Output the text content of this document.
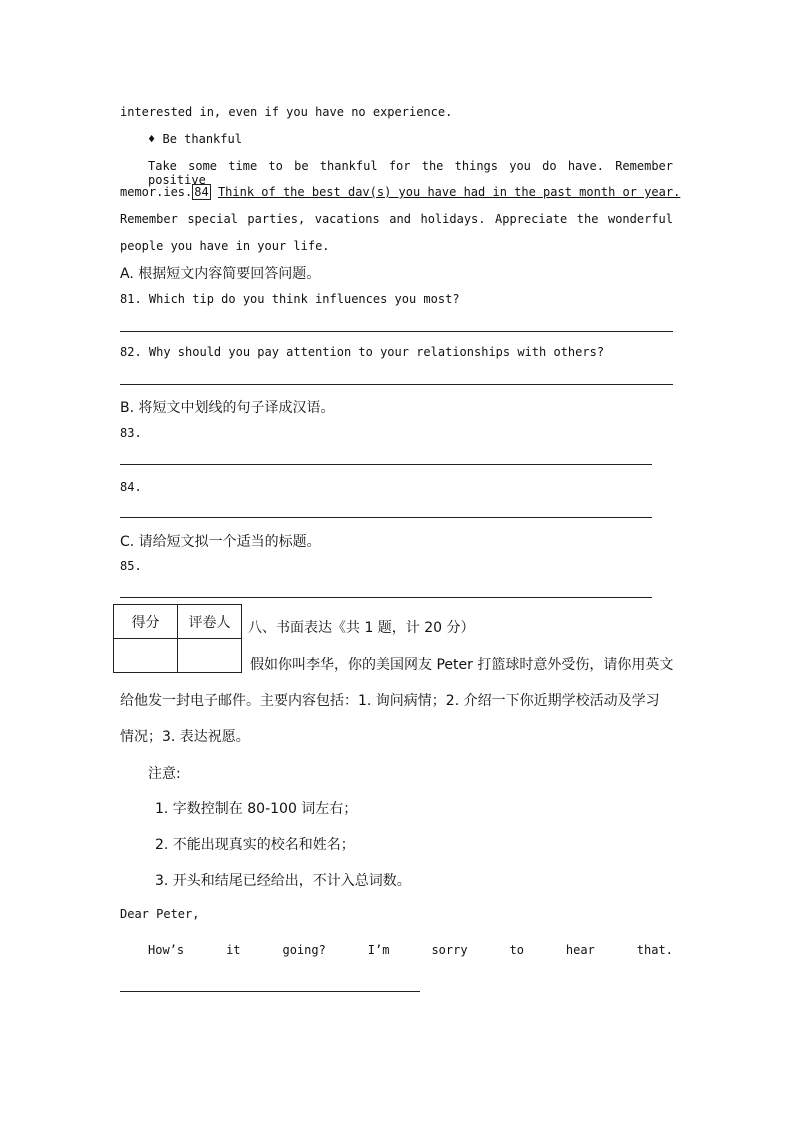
interested in, even if you have no experience.
♦ Be thankful
Take some time to be thankful for the things you do have. Remember positive
memor.ies. 84 Think of the best dav(s) you have had in the past month or year.
Remember special parties, vacations and holidays. Appreciate the wonderful
people you have in your life.
A. 根据短文内容简要回答问题。
81. Which tip do you think influences you most?
82. Why should you pay attention to your relationships with others?
B. 将短文中划线的句子译成汉语。
83.
84.
C. 请给短文拟一个适当的标题。
85.
得分	评卷人
	八、书面表达《共 1 题，计 20 分）
假如你叫李华，你的美国网友 Peter 打篮球时意外受伤，请你用英文
给他发一封电子邮件。主要内容包括：1. 询问病情；2. 介绍一下你近期学校活动及学习
情况；3. 表达祝愿。
注意:
1. 字数控制在 80-100 词左右；
2. 不能出现真实的校名和姓名；
3. 开头和结尾已经给出，不计入总词数。
Dear Peter,
How’s	it	going?	I’m	sorry	to	hear	that.
